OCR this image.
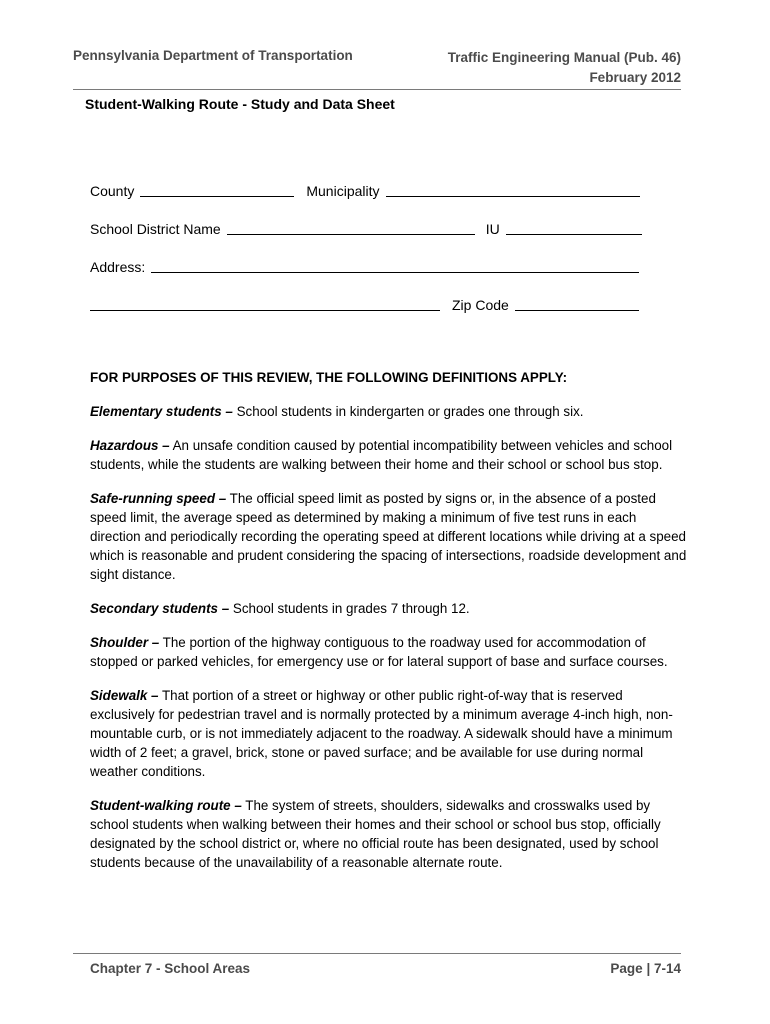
Pennsylvania Department of Transportation	Traffic Engineering Manual (Pub. 46)
February 2012
Student-Walking Route - Study and Data Sheet
County	Municipality
School District Name	IU
Address:
Zip Code
FOR PURPOSES OF THIS REVIEW, THE FOLLOWING DEFINITIONS APPLY:
Elementary students – School students in kindergarten or grades one through six.
Hazardous – An unsafe condition caused by potential incompatibility between vehicles and school students, while the students are walking between their home and their school or school bus stop.
Safe-running speed – The official speed limit as posted by signs or, in the absence of a posted speed limit, the average speed as determined by making a minimum of five test runs in each direction and periodically recording the operating speed at different locations while driving at a speed which is reasonable and prudent considering the spacing of intersections, roadside development and sight distance.
Secondary students – School students in grades 7 through 12.
Shoulder – The portion of the highway contiguous to the roadway used for accommodation of stopped or parked vehicles, for emergency use or for lateral support of base and surface courses.
Sidewalk – That portion of a street or highway or other public right-of-way that is reserved exclusively for pedestrian travel and is normally protected by a minimum average 4-inch high, non-mountable curb, or is not immediately adjacent to the roadway. A sidewalk should have a minimum width of 2 feet; a gravel, brick, stone or paved surface; and be available for use during normal weather conditions.
Student-walking route – The system of streets, shoulders, sidewalks and crosswalks used by school students when walking between their homes and their school or school bus stop, officially designated by the school district or, where no official route has been designated, used by school students because of the unavailability of a reasonable alternate route.
Chapter 7 - School Areas	Page | 7-14
